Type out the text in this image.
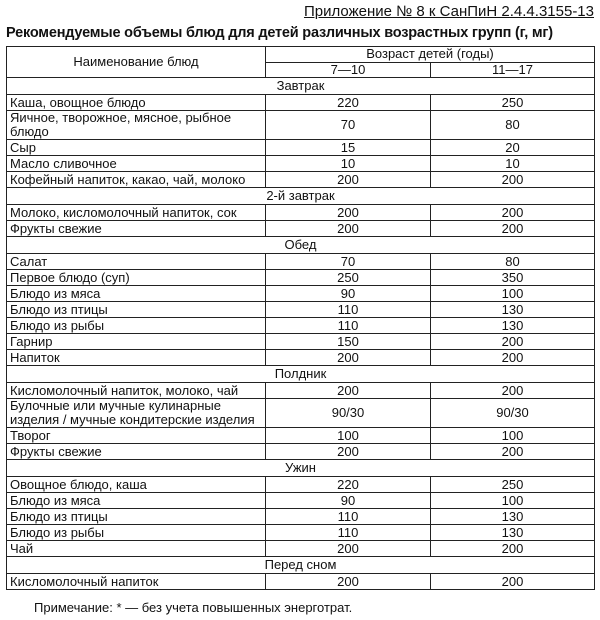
Приложение № 8 к СанПиН 2.4.4.3155-13
Рекомендуемые объемы блюд для детей различных возрастных групп (г, мг)
Наименование блюд	Возраст детей (годы)	
	7—10	11—17
Завтрак		
Каша, овощное блюдо	220	250
Яичное, творожное, мясное, рыбное блюдо	70	80
Сыр	15	20
Масло сливочное	10	10
Кофейный напиток, какао, чай, молоко	200	200
2-й завтрак		
Молоко, кисломолочный напиток, сок	200	200
Фрукты свежие	200	200
Обед		
Салат	70	80
Первое блюдо (суп)	250	350
Блюдо из мяса	90	100
Блюдо из птицы	110	130
Блюдо из рыбы	110	130
Гарнир	150	200
Напиток	200	200
Полдник		
Кисломолочный напиток, молоко, чай	200	200
Булочные или мучные кулинарные изделия / мучные кондитерские изделия	90/30	90/30
Творог	100	100
Фрукты свежие	200	200
Ужин		
Овощное блюдо, каша	220	250
Блюдо из мяса	90	100
Блюдо из птицы	110	130
Блюдо из рыбы	110	130
Чай	200	200
Перед сном		
Кисломолочный напиток	200	200
Примечание: * — без учета повышенных энерготрат.
